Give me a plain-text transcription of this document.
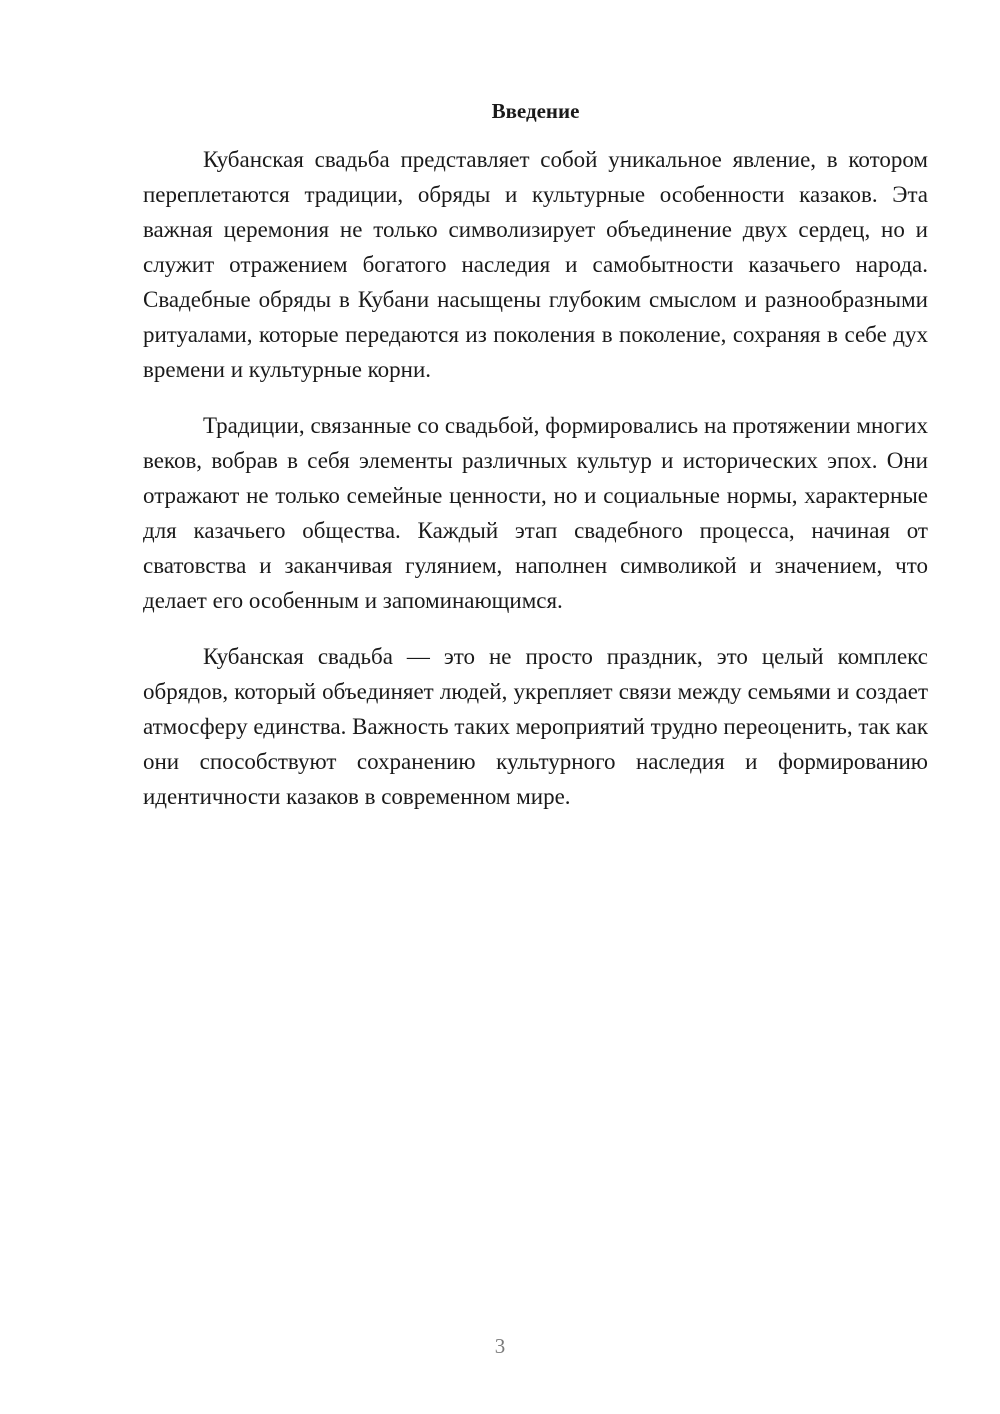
Введение

Кубанская свадьба представляет собой уникальное явление, в котором переплетаются традиции, обряды и культурные особенности казаков. Эта важная церемония не только символизирует объединение двух сердец, но и служит отражением богатого наследия и самобытности казачьего народа. Свадебные обряды в Кубани насыщены глубоким смыслом и разнообразными ритуалами, которые передаются из поколения в поколение, сохраняя в себе дух времени и культурные корни.

Традиции, связанные со свадьбой, формировались на протяжении многих веков, вобрав в себя элементы различных культур и исторических эпох. Они отражают не только семейные ценности, но и социальные нормы, характерные для казачьего общества. Каждый этап свадебного процесса, начиная от сватовства и заканчивая гулянием, наполнен символикой и значением, что делает его особенным и запоминающимся.

Кубанская свадьба — это не просто праздник, это целый комплекс обрядов, который объединяет людей, укрепляет связи между семьями и создает атмосферу единства. Важность таких мероприятий трудно переоценить, так как они способствуют сохранению культурного наследия и формированию идентичности казаков в современном мире.

3
